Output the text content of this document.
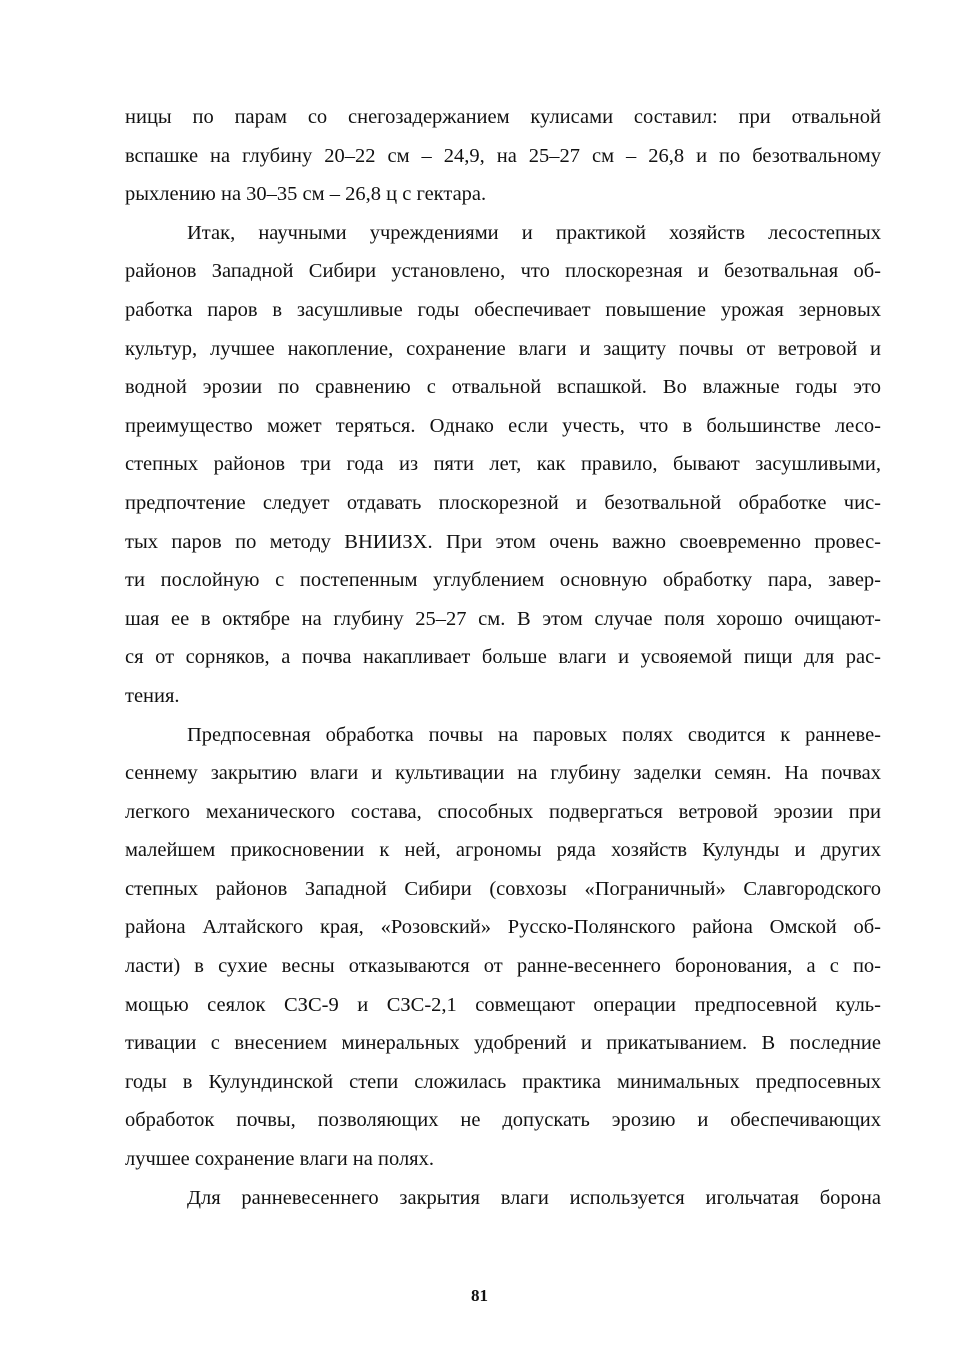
ницы по парам со снегозадержанием кулисами составил: при отвальной
вспашке на глубину 20–22 см – 24,9, на 25–27 см – 26,8 и по безотвальному
рыхлению на 30–35 см – 26,8 ц с гектара.
Итак, научными учреждениями и практикой хозяйств лесостепных
районов Западной Сибири установлено, что плоскорезная и безотвальная об-
работка паров в засушливые годы обеспечивает повышение урожая зерновых
культур, лучшее накопление, сохранение влаги и защиту почвы от ветровой и
водной эрозии по сравнению с отвальной вспашкой. Во влажные годы это
преимущество может теряться. Однако если учесть, что в большинстве лесо-
степных районов три года из пяти лет, как правило, бывают засушливыми,
предпочтение следует отдавать плоскорезной и безотвальной обработке чис-
тых паров по методу ВНИИЗХ. При этом очень важно своевременно провес-
ти послойную с постепенным углублением основную обработку пара, завер-
шая ее в октябре на глубину 25–27 см. В этом случае поля хорошо очищают-
ся от сорняков, а почва накапливает больше влаги и усвояемой пищи для рас-
тения.
Предпосевная обработка почвы на паровых полях сводится к ранневе-
сеннему закрытию влаги и культивации на глубину заделки семян. На почвах
легкого механического состава, способных подвергаться ветровой эрозии при
малейшем прикосновении к ней, агрономы ряда хозяйств Кулунды и других
степных районов Западной Сибири (совхозы «Пограничный» Славгородского
района Алтайского края, «Розовский» Русско-Полянского района Омской об-
ласти) в сухие весны отказываются от ранне-весеннего боронования, а с по-
мощью сеялок СЗС-9 и СЗС-2,1 совмещают операции предпосевной куль-
тивации с внесением минеральных удобрений и прикатыванием. В последние
годы в Кулундинской степи сложилась практика минимальных предпосевных
обработок почвы, позволяющих не допускать эрозию и обеспечивающих
лучшее сохранение влаги на полях.
Для ранневесеннего закрытия влаги используется игольчатая борона
81
